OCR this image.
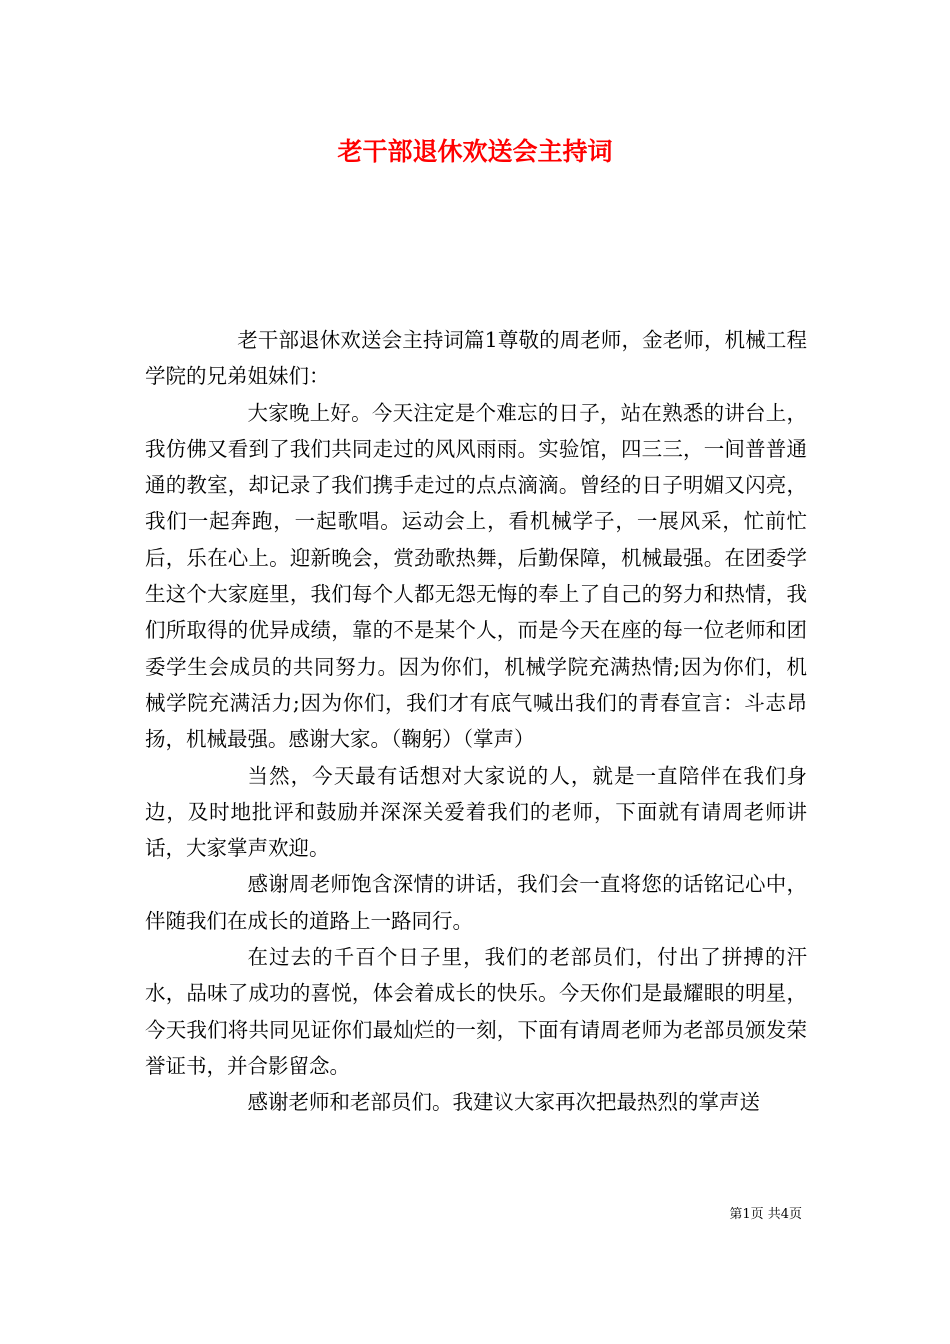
老干部退休欢送会主持词

老干部退休欢送会主持词篇1尊敬的周老师，金老师，机械工程学院的兄弟姐妹们：

大家晚上好。今天注定是个难忘的日子，站在熟悉的讲台上，我仿佛又看到了我们共同走过的风风雨雨。实验馆，四三三，一间普普通通的教室，却记录了我们携手走过的点点滴滴。曾经的日子明媚又闪亮，我们一起奔跑，一起歌唱。运动会上，看机械学子，一展风采，忙前忙后，乐在心上。迎新晚会，赏劲歌热舞，后勤保障，机械最强。在团委学生这个大家庭里，我们每个人都无怨无悔的奉上了自己的努力和热情，我们所取得的优异成绩，靠的不是某个人，而是今天在座的每一位老师和团委学生会成员的共同努力。因为你们，机械学院充满热情;因为你们，机械学院充满活力;因为你们，我们才有底气喊出我们的青春宣言：斗志昂扬，机械最强。感谢大家。（鞠躬）（掌声）

当然，今天最有话想对大家说的人，就是一直陪伴在我们身边，及时地批评和鼓励并深深关爱着我们的老师，下面就有请周老师讲话，大家掌声欢迎。

感谢周老师饱含深情的讲话，我们会一直将您的话铭记心中，伴随我们在成长的道路上一路同行。

在过去的千百个日子里，我们的老部员们，付出了拼搏的汗水，品味了成功的喜悦，体会着成长的快乐。今天你们是最耀眼的明星，今天我们将共同见证你们最灿烂的一刻，下面有请周老师为老部员颁发荣誉证书，并合影留念。

感谢老师和老部员们。我建议大家再次把最热烈的掌声送

第1页 共4页
